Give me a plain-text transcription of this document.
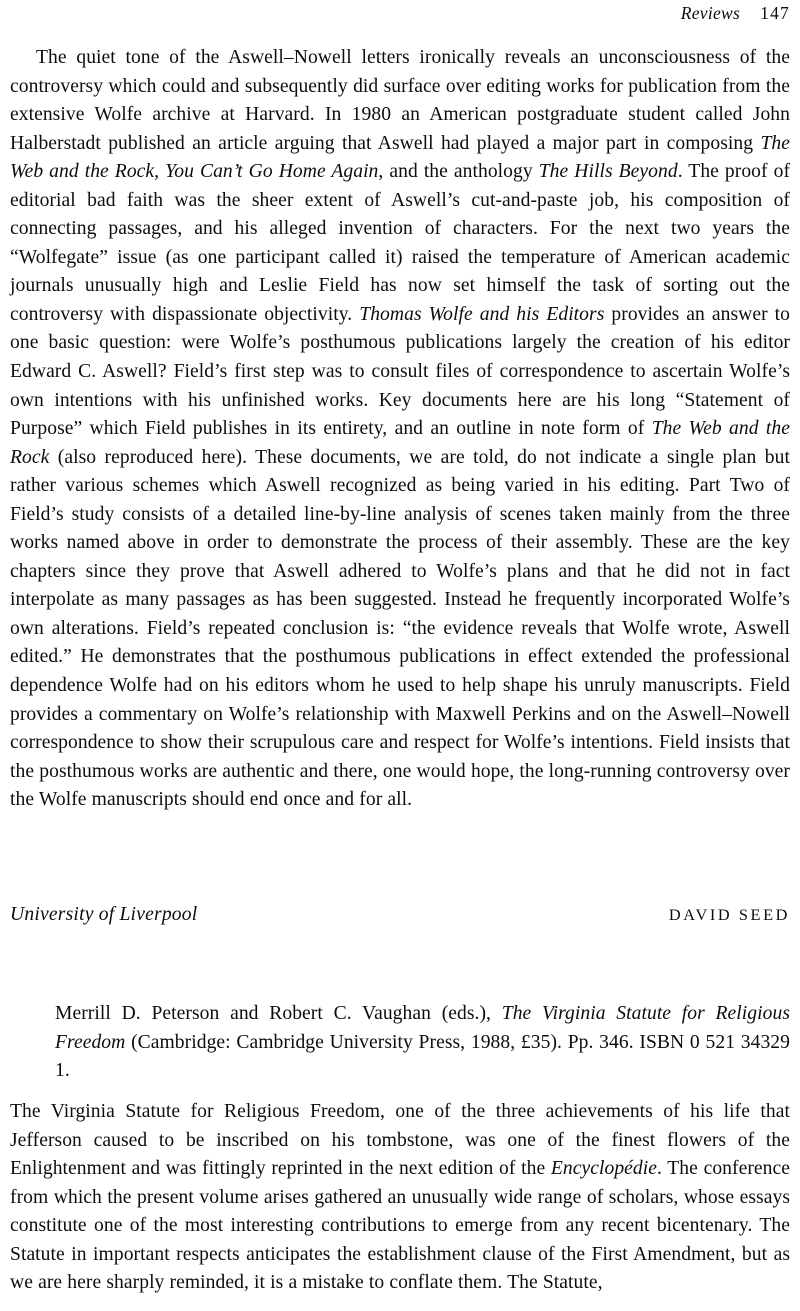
Reviews 147

The quiet tone of the Aswell–Nowell letters ironically reveals an unconsciousness of the controversy which could and subsequently did surface over editing works for publication from the extensive Wolfe archive at Harvard. In 1980 an American postgraduate student called John Halberstadt published an article arguing that Aswell had played a major part in composing The Web and the Rock, You Can’t Go Home Again, and the anthology The Hills Beyond. The proof of editorial bad faith was the sheer extent of Aswell’s cut-and-paste job, his composition of connecting passages, and his alleged invention of characters. For the next two years the “Wolfegate” issue (as one participant called it) raised the temperature of American academic journals unusually high and Leslie Field has now set himself the task of sorting out the controversy with dispassionate objectivity. Thomas Wolfe and his Editors provides an answer to one basic question: were Wolfe’s posthumous publications largely the creation of his editor Edward C. Aswell? Field’s first step was to consult files of correspondence to ascertain Wolfe’s own intentions with his unfinished works. Key documents here are his long “Statement of Purpose” which Field publishes in its entirety, and an outline in note form of The Web and the Rock (also reproduced here). These documents, we are told, do not indicate a single plan but rather various schemes which Aswell recognized as being varied in his editing. Part Two of Field’s study consists of a detailed line-by-line analysis of scenes taken mainly from the three works named above in order to demonstrate the process of their assembly. These are the key chapters since they prove that Aswell adhered to Wolfe’s plans and that he did not in fact interpolate as many passages as has been suggested. Instead he frequently incorporated Wolfe’s own alterations. Field’s repeated conclusion is: “the evidence reveals that Wolfe wrote, Aswell edited.” He demonstrates that the posthumous publications in effect extended the professional dependence Wolfe had on his editors whom he used to help shape his unruly manuscripts. Field provides a commentary on Wolfe’s relationship with Maxwell Perkins and on the Aswell–Nowell correspondence to show their scrupulous care and respect for Wolfe’s intentions. Field insists that the posthumous works are authentic and there, one would hope, the long-running controversy over the Wolfe manuscripts should end once and for all.

University of Liverpool	DAVID SEED

Merrill D. Peterson and Robert C. Vaughan (eds.), The Virginia Statute for Religious Freedom (Cambridge: Cambridge University Press, 1988, £35). Pp. 346. ISBN 0 521 34329 1.

The Virginia Statute for Religious Freedom, one of the three achievements of his life that Jefferson caused to be inscribed on his tombstone, was one of the finest flowers of the Enlightenment and was fittingly reprinted in the next edition of the Encyclopédie. The conference from which the present volume arises gathered an unusually wide range of scholars, whose essays constitute one of the most interesting contributions to emerge from any recent bicentenary. The Statute in important respects anticipates the establishment clause of the First Amendment, but as we are here sharply reminded, it is a mistake to conflate them. The Statute,
